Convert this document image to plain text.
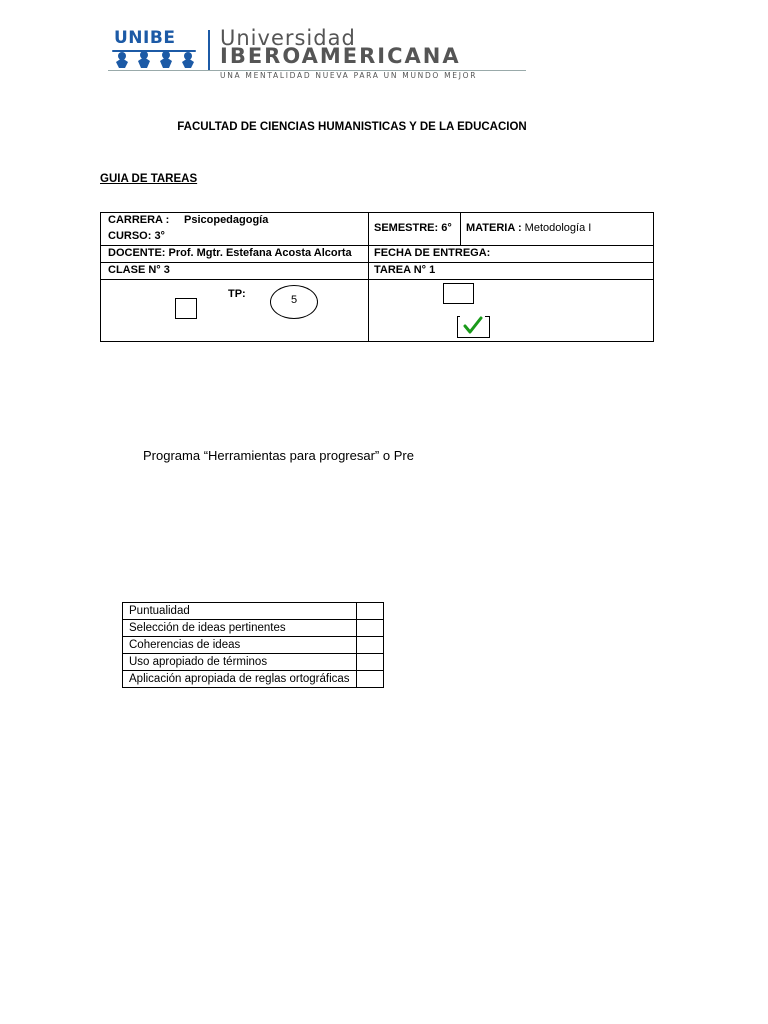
UNIBE Universidad
IBEROAMERICANA
UNA MENTALIDAD NUEVA PARA UN MUNDO MEJOR
FACULTAD DE CIENCIAS HUMANISTICAS Y DE LA EDUCACION
GUIA DE TAREAS
CARRERA : Psicopedagogía
CURSO: 3°
SEMESTRE: 6° MATERIA : Metodología I
DOCENTE: Prof. Mgtr. Estefana Acosta Alcorta FECHA DE ENTREGA:
CLASE N° 3	TAREA N° 1
TP:	5
Programa “Herramientas para progresar” o Pre
Puntualidad	
Selección de ideas pertinentes	
Coherencias de ideas	
Uso apropiado de términos	
Aplicación apropiada de reglas ortográficas	
